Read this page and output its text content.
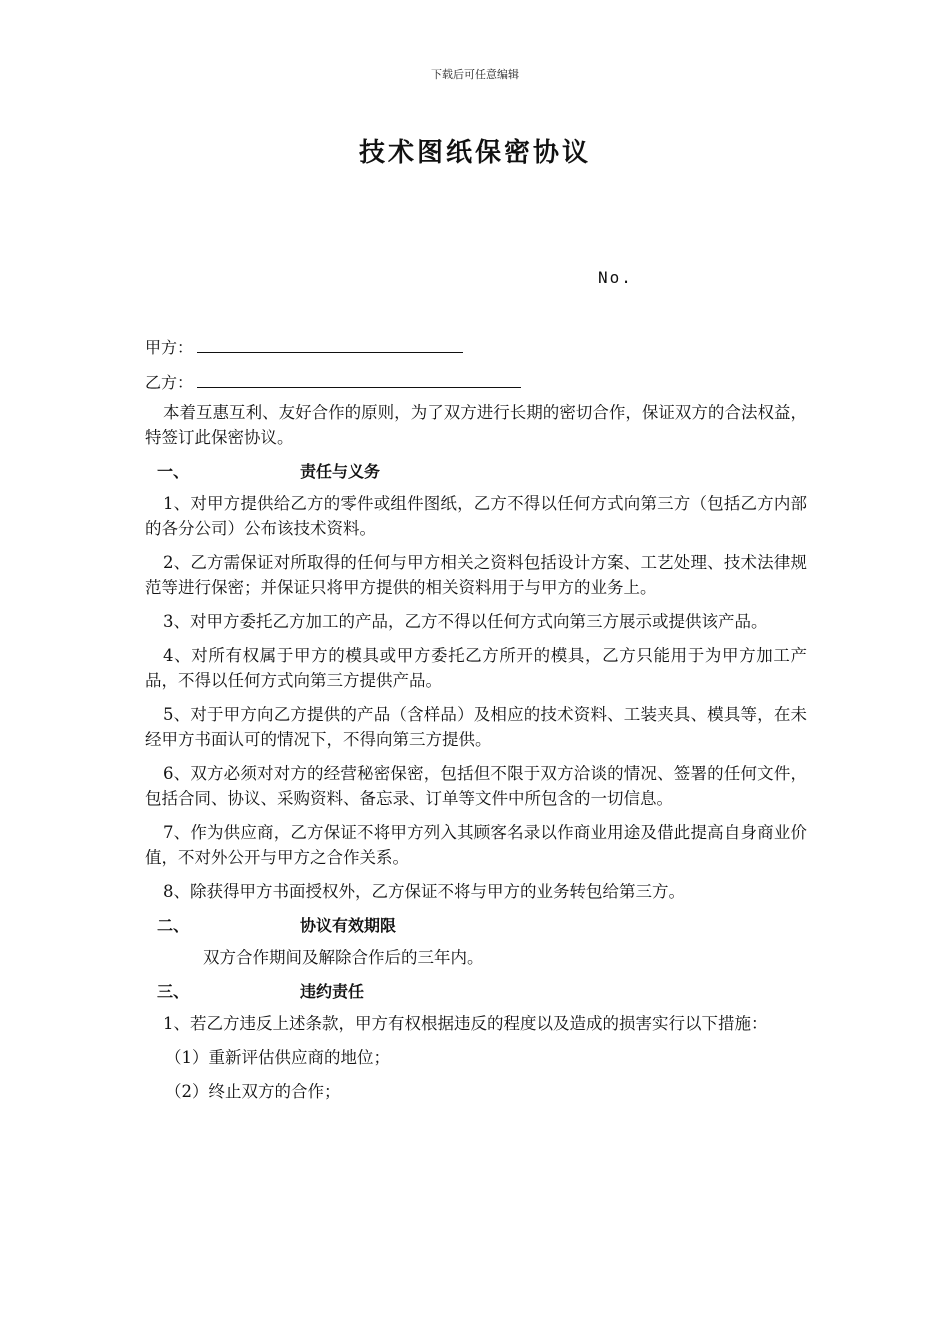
下载后可任意编辑
技术图纸保密协议
No.
甲方：
乙方：

本着互惠互利、友好合作的原则，为了双方进行长期的密切合作，保证双方的合法权益，特签订此保密协议。

一、	责任与义务

1、对甲方提供给乙方的零件或组件图纸，乙方不得以任何方式向第三方（包括乙方内部的各分公司）公布该技术资料。

2、乙方需保证对所取得的任何与甲方相关之资料包括设计方案、工艺处理、技术法律规范等进行保密；并保证只将甲方提供的相关资料用于与甲方的业务上。

3、对甲方委托乙方加工的产品，乙方不得以任何方式向第三方展示或提供该产品。

4、对所有权属于甲方的模具或甲方委托乙方所开的模具，乙方只能用于为甲方加工产品，不得以任何方式向第三方提供产品。

5、对于甲方向乙方提供的产品（含样品）及相应的技术资料、工装夹具、模具等，在未经甲方书面认可的情况下，不得向第三方提供。

6、双方必须对对方的经营秘密保密，包括但不限于双方洽谈的情况、签署的任何文件，包括合同、协议、采购资料、备忘录、订单等文件中所包含的一切信息。

7、作为供应商，乙方保证不将甲方列入其顾客名录以作商业用途及借此提高自身商业价值，不对外公开与甲方之合作关系。

8、除获得甲方书面授权外，乙方保证不将与甲方的业务转包给第三方。

二、	协议有效期限

双方合作期间及解除合作后的三年内。

三、	违约责任

1、若乙方违反上述条款，甲方有权根据违反的程度以及造成的损害实行以下措施：

（1）重新评估供应商的地位；

（2）终止双方的合作；
